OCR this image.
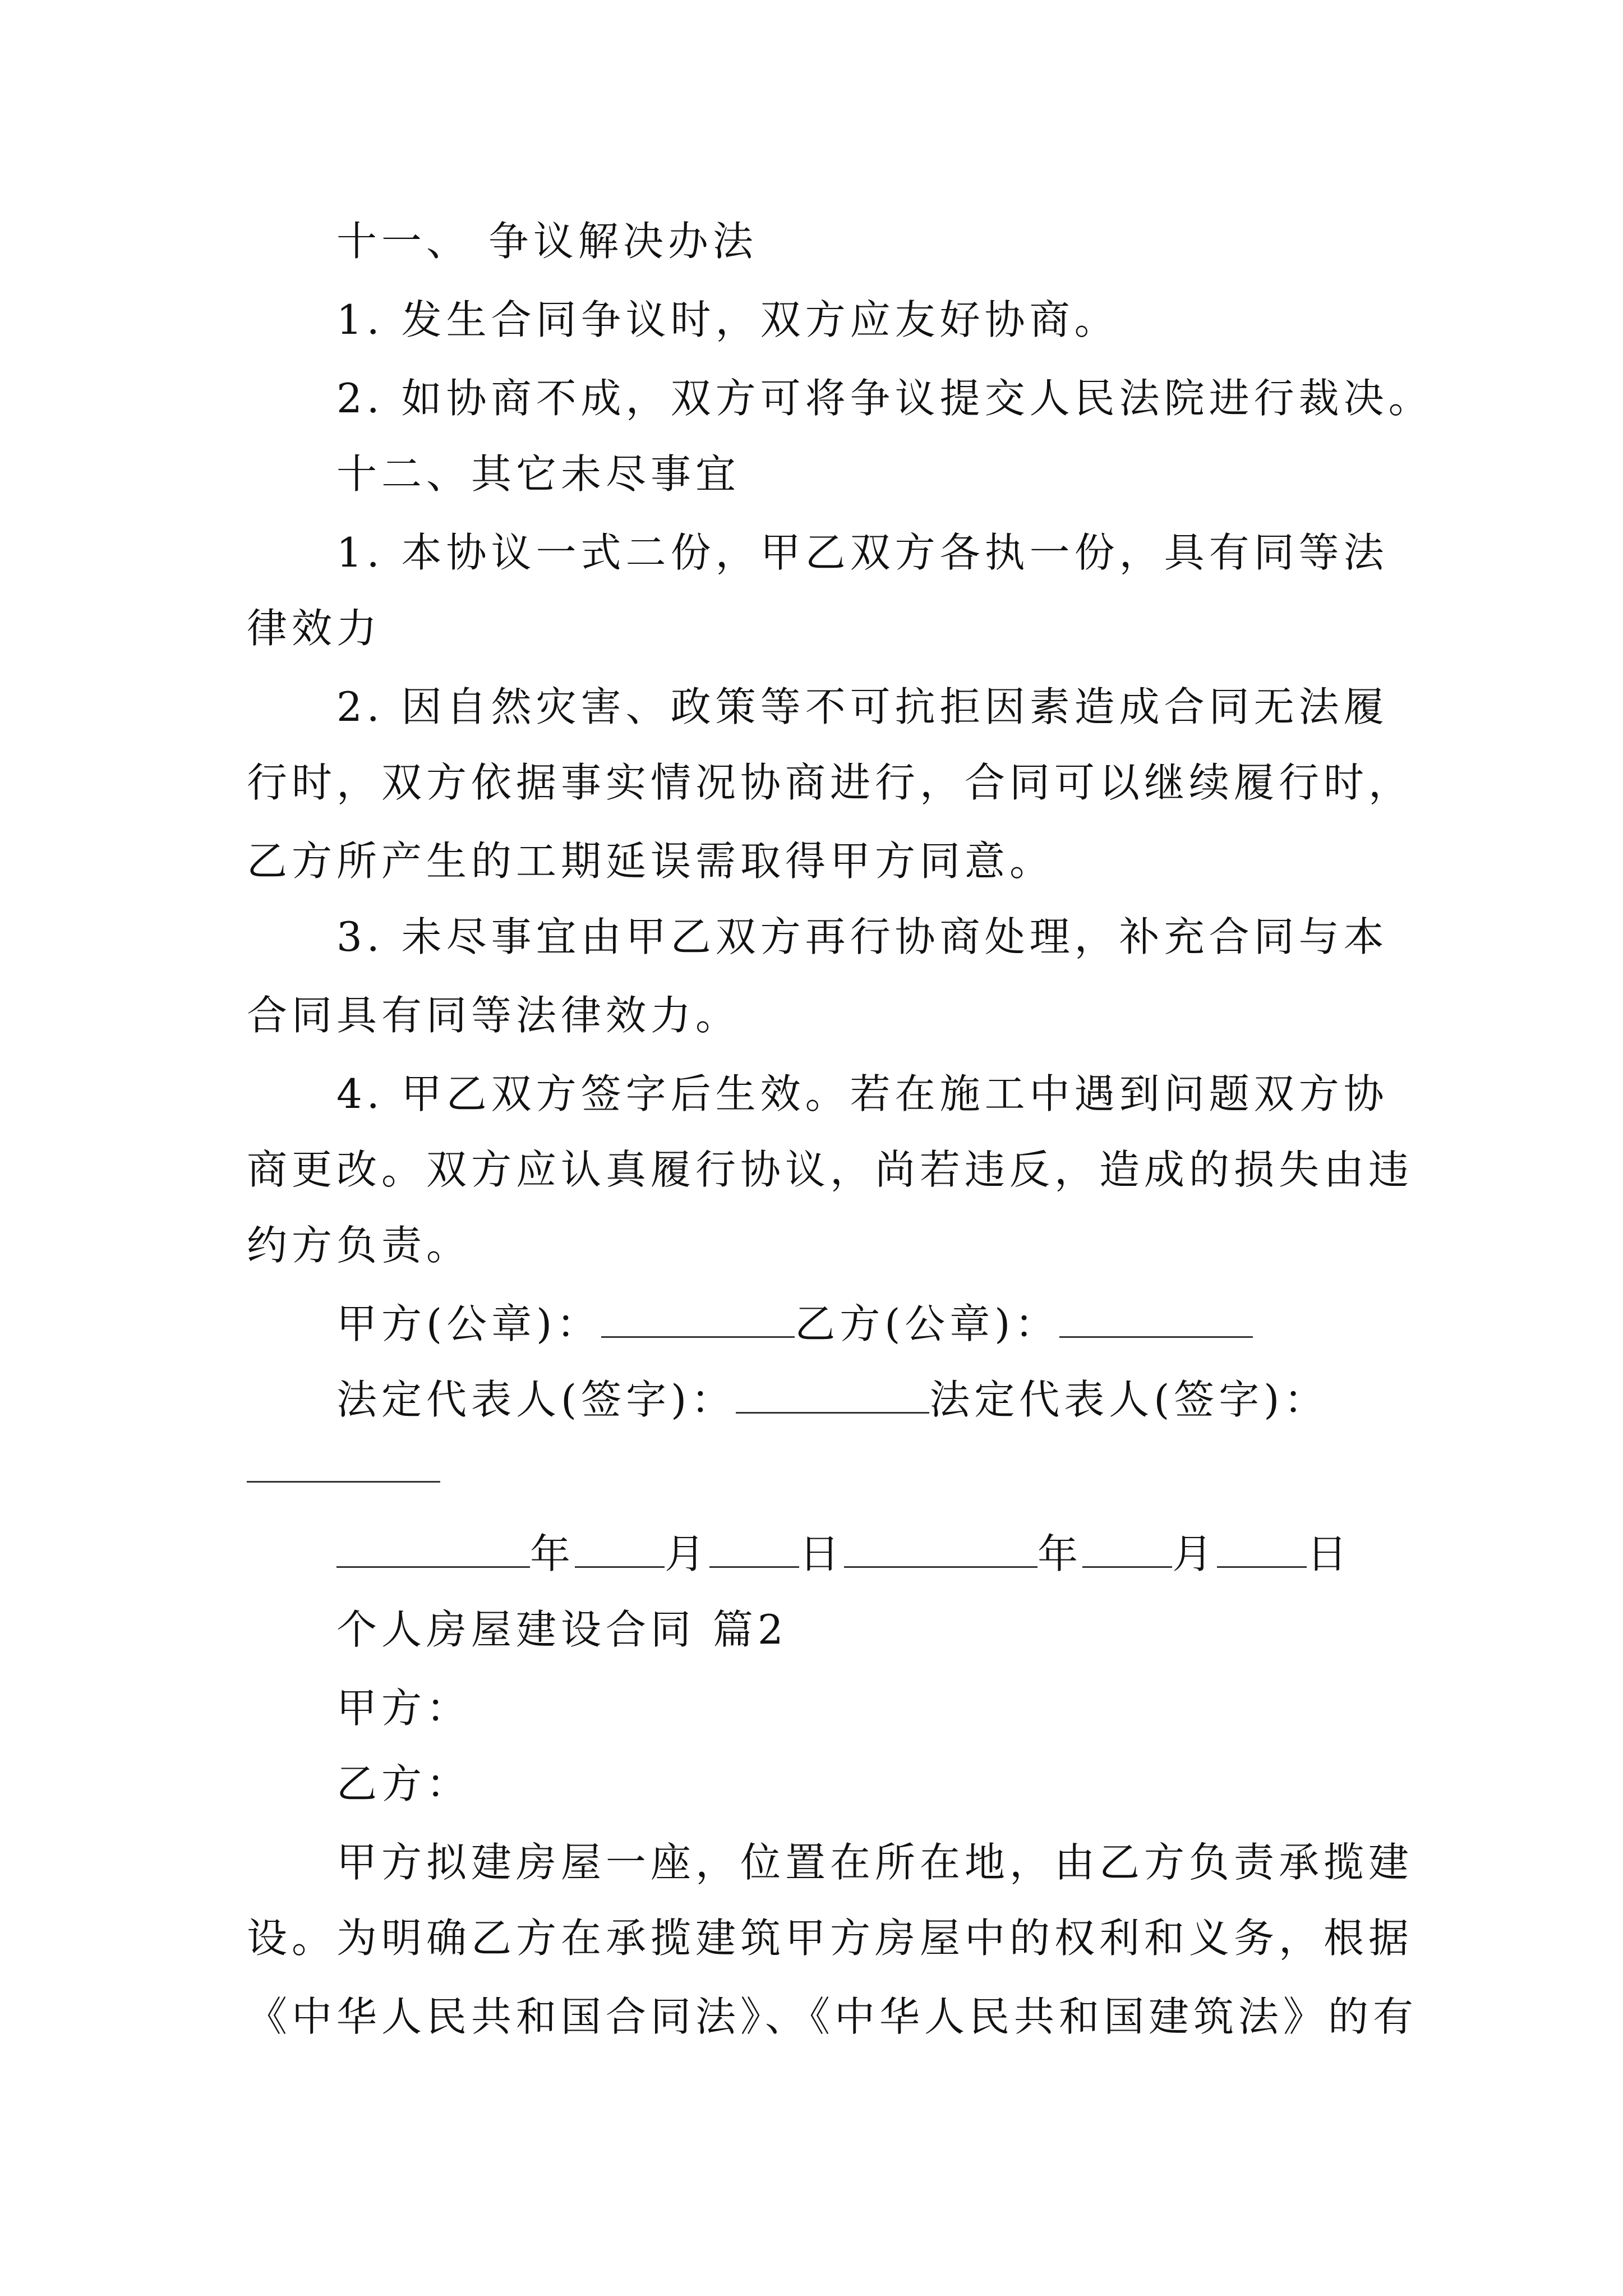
十一、 争议解决办法
1. 发生合同争议时，双方应友好协商。
2. 如协商不成，双方可将争议提交人民法院进行裁决。
十二、其它未尽事宜
1. 本协议一式二份，甲乙双方各执一份，具有同等法
律效力
2. 因自然灾害、政策等不可抗拒因素造成合同无法履
行时，双方依据事实情况协商进行，合同可以继续履行时，
乙方所产生的工期延误需取得甲方同意。
3. 未尽事宜由甲乙双方再行协商处理，补充合同与本
合同具有同等法律效力。
4. 甲乙双方签字后生效。若在施工中遇到问题双方协
商更改。双方应认真履行协议，尚若违反，造成的损失由违
约方负责。
甲方(公章)：	乙方(公章)：
法定代表人(签字)：	法定代表人(签字)：
年 月 日	年 月 日
个人房屋建设合同 篇2
甲方：
乙方：
甲方拟建房屋一座，位置在所在地，由乙方负责承揽建
设。为明确乙方在承揽建筑甲方房屋中的权利和义务，根据
《中华人民共和国合同法》、《中华人民共和国建筑法》的有
